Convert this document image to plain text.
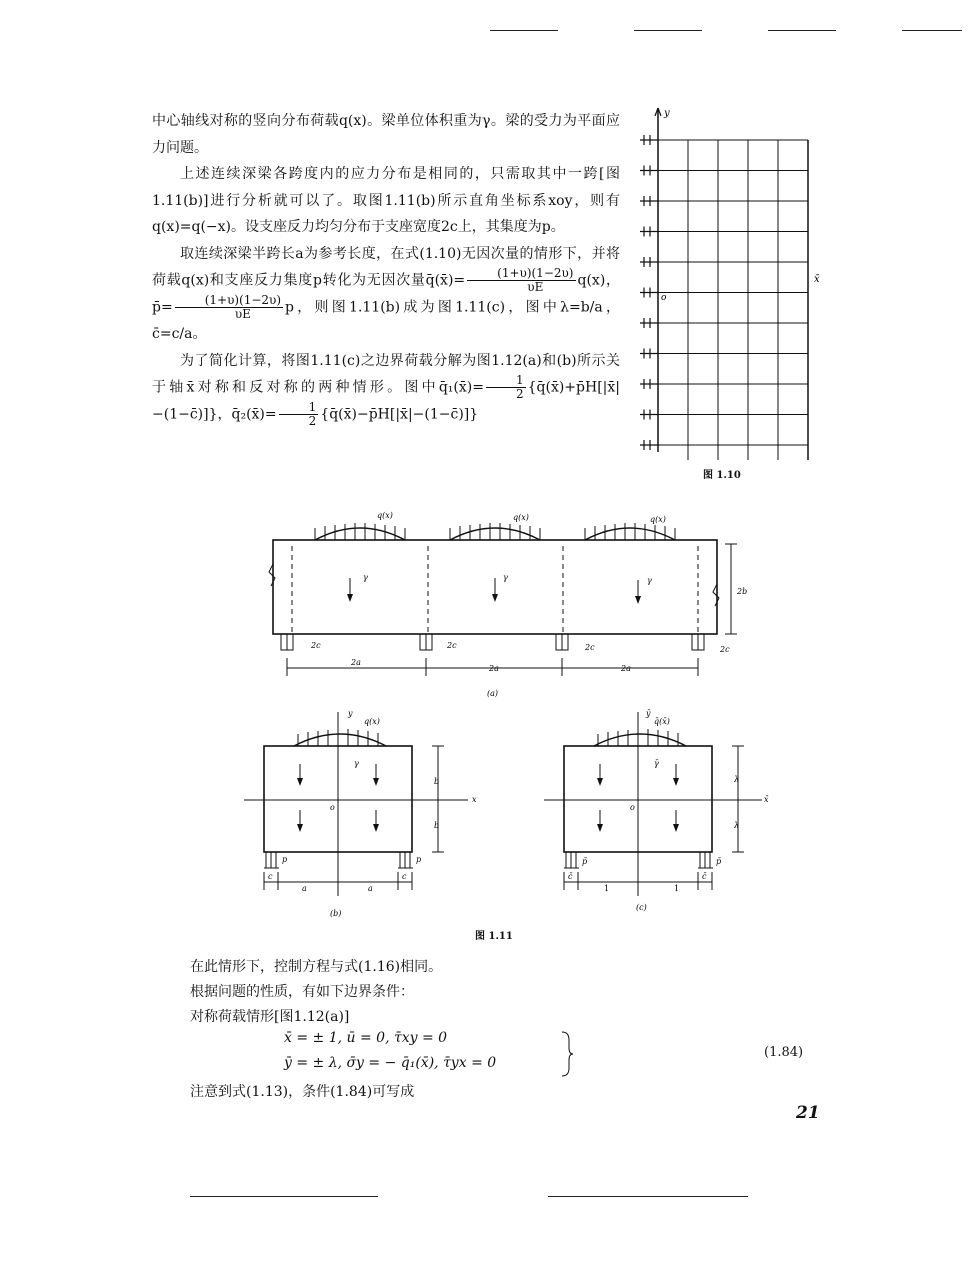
中心轴线对称的竖向分布荷载q(x)。梁单位体积重为γ。梁的受力为平面应力问题。

上述连续深梁各跨度内的应力分布是相同的，只需取其中一跨[图1.11(b)]进行分析就可以了。取图1.11(b)所示直角坐标系xoy，则有q(x)=q(−x)。设支座反力均匀分布于支座宽度2c上，其集度为p。

取连续深梁半跨长a为参考长度，在式(1.10)无因次量的情形下，并将荷载q(x)和支座反力集度p转化为无因次量q̄(x̄)= $\frac{(1+\upsilon)(1-2\upsilon)}{\upsilon E} q(x)$，p̄= $\frac{(1+\upsilon)(1-2\upsilon)}{\upsilon E}$ p，则图1.11(b)成为图1.11(c)，图中λ=b/a，c̄=c/a。

为了简化计算，将图1.11(c)之边界荷载分解为图1.12(a)和(b)所示关于轴x̄对称和反对称的两种情形。图中q̄₁(x̄)= $\frac{1}{2}$ {q̄(x̄)+p̄H[|x̄|−(1−c̄)]}，q̄₂(x̄)= $\frac{1}{2}$ {q̄(x̄)−p̄H[|x̄|−(1−c̄)]}

y
x̄
o
图 1.10
q(x)	q(x)	q(x)
γ	γ	γ
2b
2c	2c	2c	2c
2a
2a	2a
(a)
q(x)
y
x
o
γ
b
b
p	p
c	c
a	a
(b)
q̄(x̄)
ȳ
x̄
o
γ̄
λ
λ
p̄	p̄
c̄	c̄
1	1
(c)
图 1.11
在此情形下，控制方程与式(1.16)相同。
根据问题的性质，有如下边界条件：
对称荷载情形[图1.12(a)]
x̄ = ± 1, ū = 0, τ̄xy = 0
ȳ = ± λ, σ̄y = − q̄₁(x̄), τ̄yx = 0
(1.84)
注意到式(1.13)，条件(1.84)可写成
21
